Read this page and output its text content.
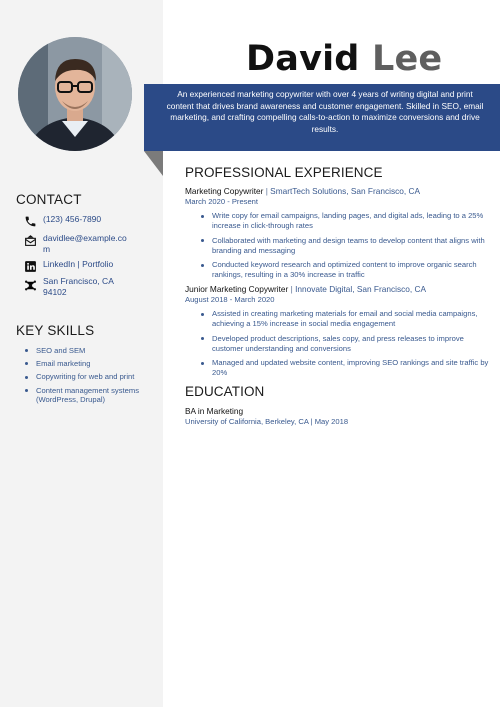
David Lee
An experienced marketing copywriter with over 4 years of writing digital and print content that drives brand awareness and customer engagement. Skilled in SEO, email marketing, and crafting compelling calls-to-action to maximize conversions and drive results.
CONTACT
(123) 456-7890
davidlee@example.com
LinkedIn | Portfolio
San Francisco, CA 94102
KEY SKILLS
SEO and SEM
Email marketing
Copywriting for web and print
Content management systems (WordPress, Drupal)
PROFESSIONAL EXPERIENCE
Marketing Copywriter | SmartTech Solutions, San Francisco, CA
March 2020 - Present
Write copy for email campaigns, landing pages, and digital ads, leading to a 25% increase in click-through rates
Collaborated with marketing and design teams to develop content that aligns with branding and messaging
Conducted keyword research and optimized content to improve organic search rankings, resulting in a 30% increase in traffic
Junior Marketing Copywriter | Innovate Digital, San Francisco, CA
August 2018 - March 2020
Assisted in creating marketing materials for email and social media campaigns, achieving a 15% increase in social media engagement
Developed product descriptions, sales copy, and press releases to improve customer understanding and conversions
Managed and updated website content, improving SEO rankings and site traffic by 20%
EDUCATION
BA in Marketing
University of California, Berkeley, CA | May 2018
